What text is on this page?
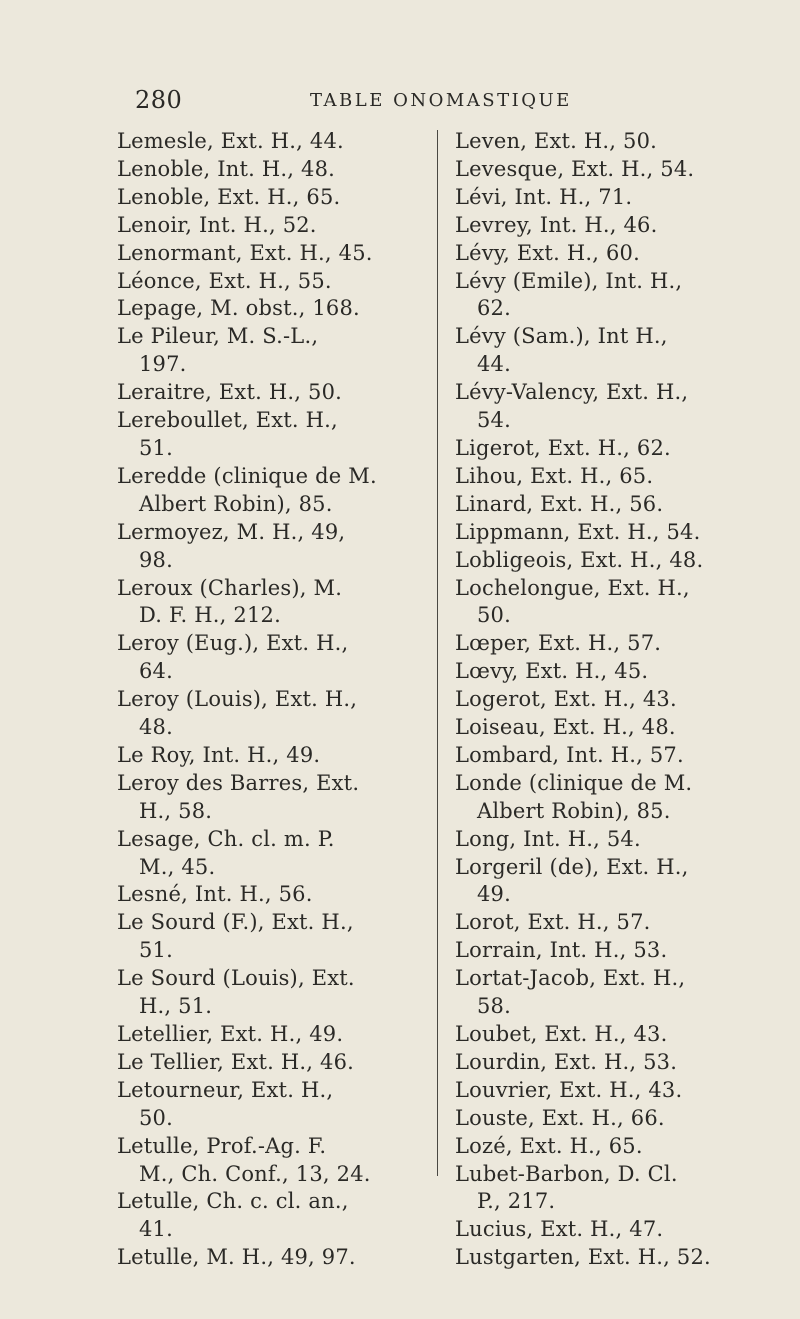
280	TABLE ONOMASTIQUE

Lemesle, Ext. H., 44.

Lenoble, Int. H., 48.

Lenoble, Ext. H., 65.

Lenoir, Int. H., 52.

Lenormant, Ext. H., 45.

Léonce, Ext. H., 55.

Lepage, M. obst., 168.

Le Pileur, M. S.-L.,
197.

Leraitre, Ext. H., 50.

Lereboullet, Ext. H.,
51.

Leredde (clinique de M.
Albert Robin), 85.

Lermoyez, M. H., 49,
98.

Leroux (Charles), M.
D. F. H., 212.

Leroy (Eug.), Ext. H.,
64.

Leroy (Louis), Ext. H.,
48.

Le Roy, Int. H., 49.

Leroy des Barres, Ext.
H., 58.

Lesage, Ch. cl. m. P.
M., 45.

Lesné, Int. H., 56.

Le Sourd (F.), Ext. H.,
51.

Le Sourd (Louis), Ext.
H., 51.

Letellier, Ext. H., 49.

Le Tellier, Ext. H., 46.

Letourneur, Ext. H.,
50.

Letulle, Prof.-Ag. F.
M., Ch. Conf., 13, 24.

Letulle, Ch. c. cl. an.,
41.

Letulle, M. H., 49, 97.

Leven, Ext. H., 50.

Levesque, Ext. H., 54.

Lévi, Int. H., 71.

Levrey, Int. H., 46.

Lévy, Ext. H., 60.

Lévy (Emile), Int. H.,
62.

Lévy (Sam.), Int H.,
44.

Lévy-Valency, Ext. H.,
54.

Ligerot, Ext. H., 62.

Lihou, Ext. H., 65.

Linard, Ext. H., 56.

Lippmann, Ext. H., 54.

Lobligeois, Ext. H., 48.

Lochelongue, Ext. H.,
50.

Lœper, Ext. H., 57.

Lœvy, Ext. H., 45.

Logerot, Ext. H., 43.

Loiseau, Ext. H., 48.

Lombard, Int. H., 57.

Londe (clinique de M.
Albert Robin), 85.

Long, Int. H., 54.

Lorgeril (de), Ext. H.,
49.

Lorot, Ext. H., 57.

Lorrain, Int. H., 53.

Lortat-Jacob, Ext. H.,
58.

Loubet, Ext. H., 43.

Lourdin, Ext. H., 53.

Louvrier, Ext. H., 43.

Louste, Ext. H., 66.

Lozé, Ext. H., 65.

Lubet-Barbon, D. Cl.
P., 217.

Lucius, Ext. H., 47.

Lustgarten, Ext. H., 52.
